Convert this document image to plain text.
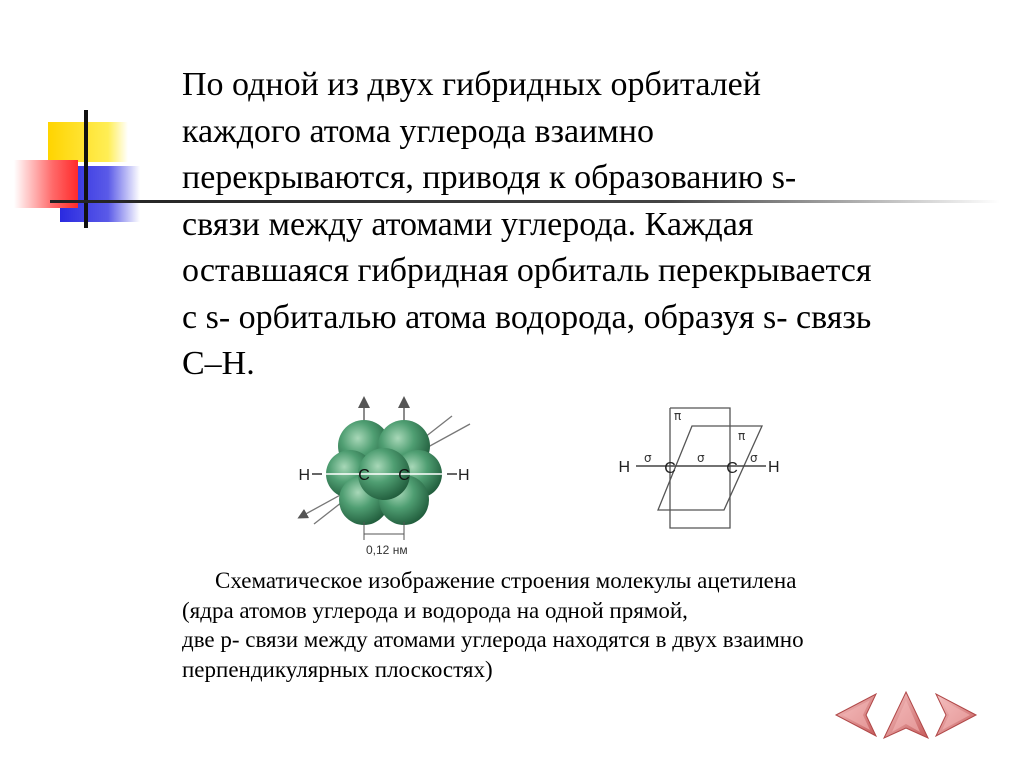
По одной из двух гибридных орбиталей
каждого атома углерода взаимно
перекрываются, приводя к образованию s-
связи между атомами углерода. Каждая
оставшаяся гибридная орбиталь перекрывается
с s- орбиталью атома водорода, образуя s- связь
С–Н.
H	C C	H
0,12 нм
H C	C H
σ	σ	σ
π
π
Схематическое изображение строения молекулы ацетилена
(ядра атомов углерода и водорода на одной прямой,
две р- связи между атомами углерода находятся в двух взаимно
перпендикулярных плоскостях)
